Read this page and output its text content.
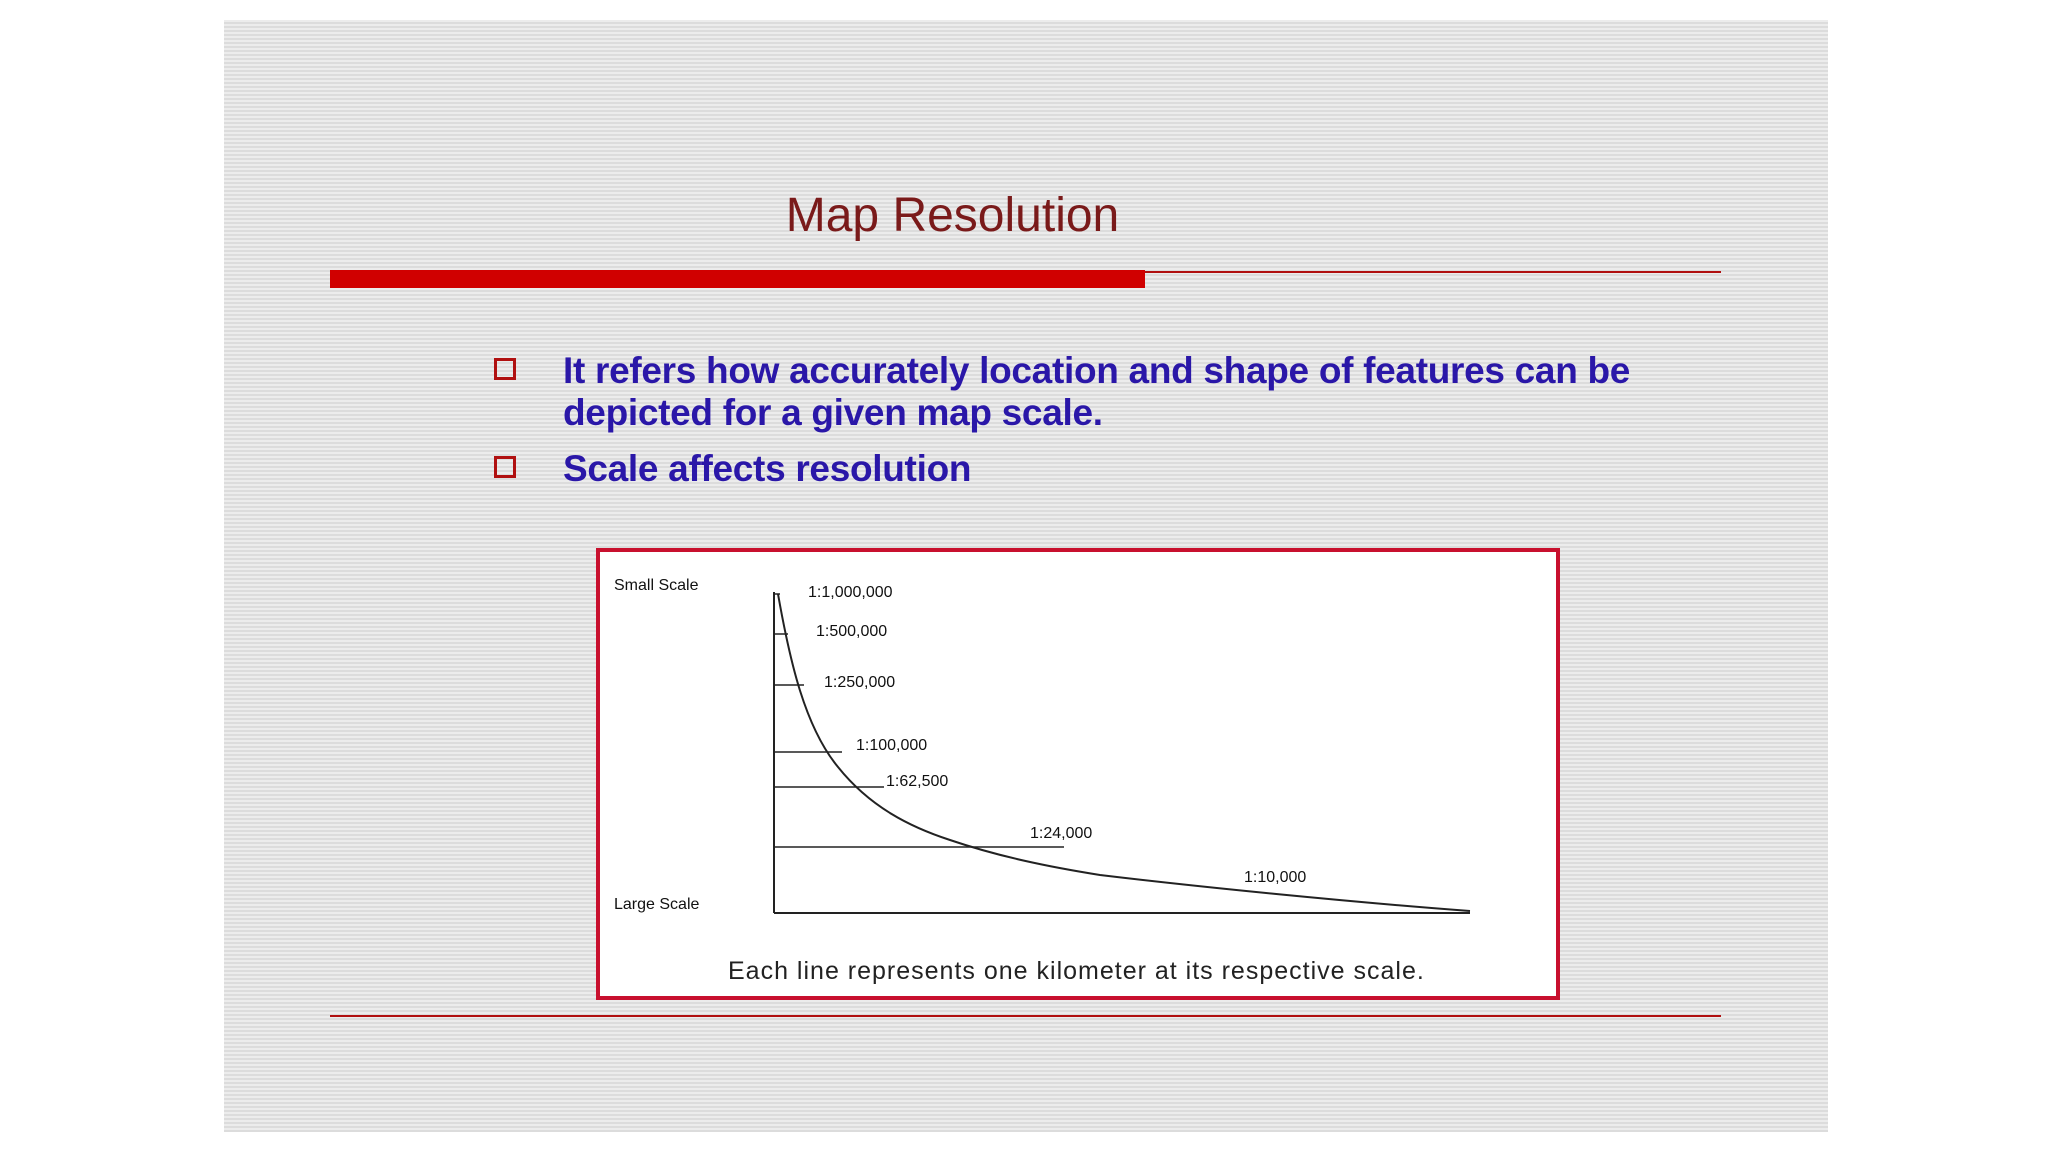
Map Resolution
It refers how accurately location and shape of features can be depicted for a given map scale.
Scale affects resolution
Small Scale
Large Scale
1:1,000,000
1:500,000
1:250,000
1:100,000
1:62,500
1:24,000
1:10,000
Each line represents one kilometer at its respective scale.
